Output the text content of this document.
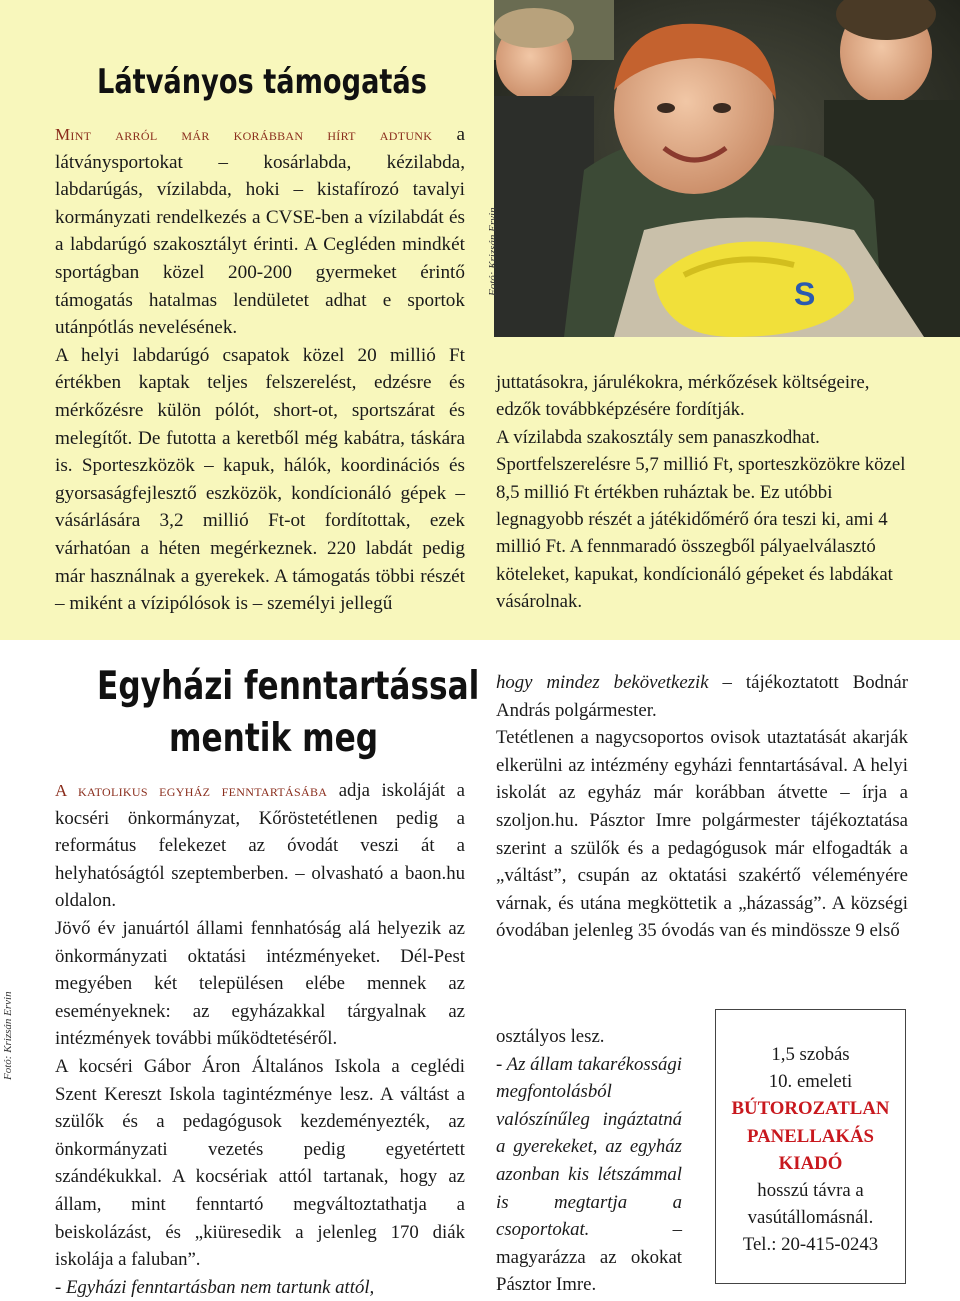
S
Fotó: Krizsán Ervin
Látványos támogatás

Mint arról már korábban hírt adtunk a látványsportokat – kosárlabda, kézilabda, labdarúgás, vízilabda, hoki – kistafírozó tavalyi kormányzati rendelkezés a CVSE-ben a vízilabdát és a labdarúgó szakosztályt érinti. A Cegléden mindkét sportágban közel 200-200 gyermeket érintő támogatás hatalmas lendületet adhat e sportok utánpótlás nevelésének.

A helyi labdarúgó csapatok közel 20 millió Ft értékben kaptak teljes felszerelést, edzésre és mérkőzésre külön pólót, short-ot, sportszárat és melegítőt. De futotta a keretből még kabátra, táskára is. Sporteszközök – kapuk, hálók, koordinációs és gyorsaságfejlesztő eszközök, kondícionáló gépek – vásárlására 3,2 millió Ft-ot fordítottak, ezek várhatóan a héten megérkeznek. 220 labdát pedig már használnak a gyerekek. A támogatás többi részét – miként a vízipólósok is – személyi jellegű

juttatásokra, járulékokra, mérkőzések költségeire, edzők továbbképzésére fordítják.

A vízilabda szakosztály sem panaszkodhat. Sportfelszerelésre 5,7 millió Ft, sporteszközökre közel 8,5 millió Ft értékben ruháztak be. Ez utóbbi legnagyobb részét a játékidőmérő óra teszi ki, ami 4 millió Ft. A fennmaradó összegből pályaelválasztó köteleket, kapukat, kondícionáló gépeket és labdákat vásárolnak.

Egyházi fenntartással
mentik meg
Fotó: Krizsán Ervin

A katolikus egyház fenntartásába adja iskoláját a kocséri önkormányzat, Kőröstetétlenen pedig a református felekezet az óvodát veszi át a helyhatóságtól szeptemberben. – olvasható a baon.hu oldalon.

Jövő év januártól állami fennhatóság alá helyezik az önkormányzati oktatási intézményeket. Dél-Pest megyében két településen elébe mennek az eseményeknek: az egyházakkal tárgyalnak az intézmények további működtetéséről.

A kocséri Gábor Áron Általános Iskola a ceglédi Szent Kereszt Iskola tagintézménye lesz. A váltást a szülők és a pedagógusok kezdeményezték, az önkormányzati vezetés pedig egyetértett szándékukkal. A kocsériak attól tartanak, hogy az állam, mint fenntartó megváltoztathatja a beiskolázást, és „kiüresedik a jelenleg 170 diák iskolája a faluban”.

- Egyházi fenntartásban nem tartunk attól,

hogy mindez bekövetkezik – tájékoztatott Bodnár András polgármester.

Tetétlenen a nagycsoportos ovisok utaztatását akarják elkerülni az intézmény egyházi fenntartásával. A helyi iskolát az egyház már korábban átvette – írja a szoljon.hu. Pásztor Imre polgármester tájékoztatása szerint a szülők és a pedagógusok már elfogadták a „váltást”, csupán az oktatási szakértő véleményére várnak, és utána megköttetik a „házasság”. A községi óvodában jelenleg 35 óvodás van és mindössze 9 első

osztályos lesz.

- Az állam takarékossági megfontolásból valószínűleg ingáztatná a gyerekeket, az egyház azonban kis létszámmal is megtartja a csoportokat. – magyarázza az okokat Pásztor Imre.

1,5 szobás
10. emeleti
BÚTOROZATLAN
PANELLAKÁS
KIADÓ
hosszú távra a
vasútállomásnál.
Tel.: 20-415-0243
